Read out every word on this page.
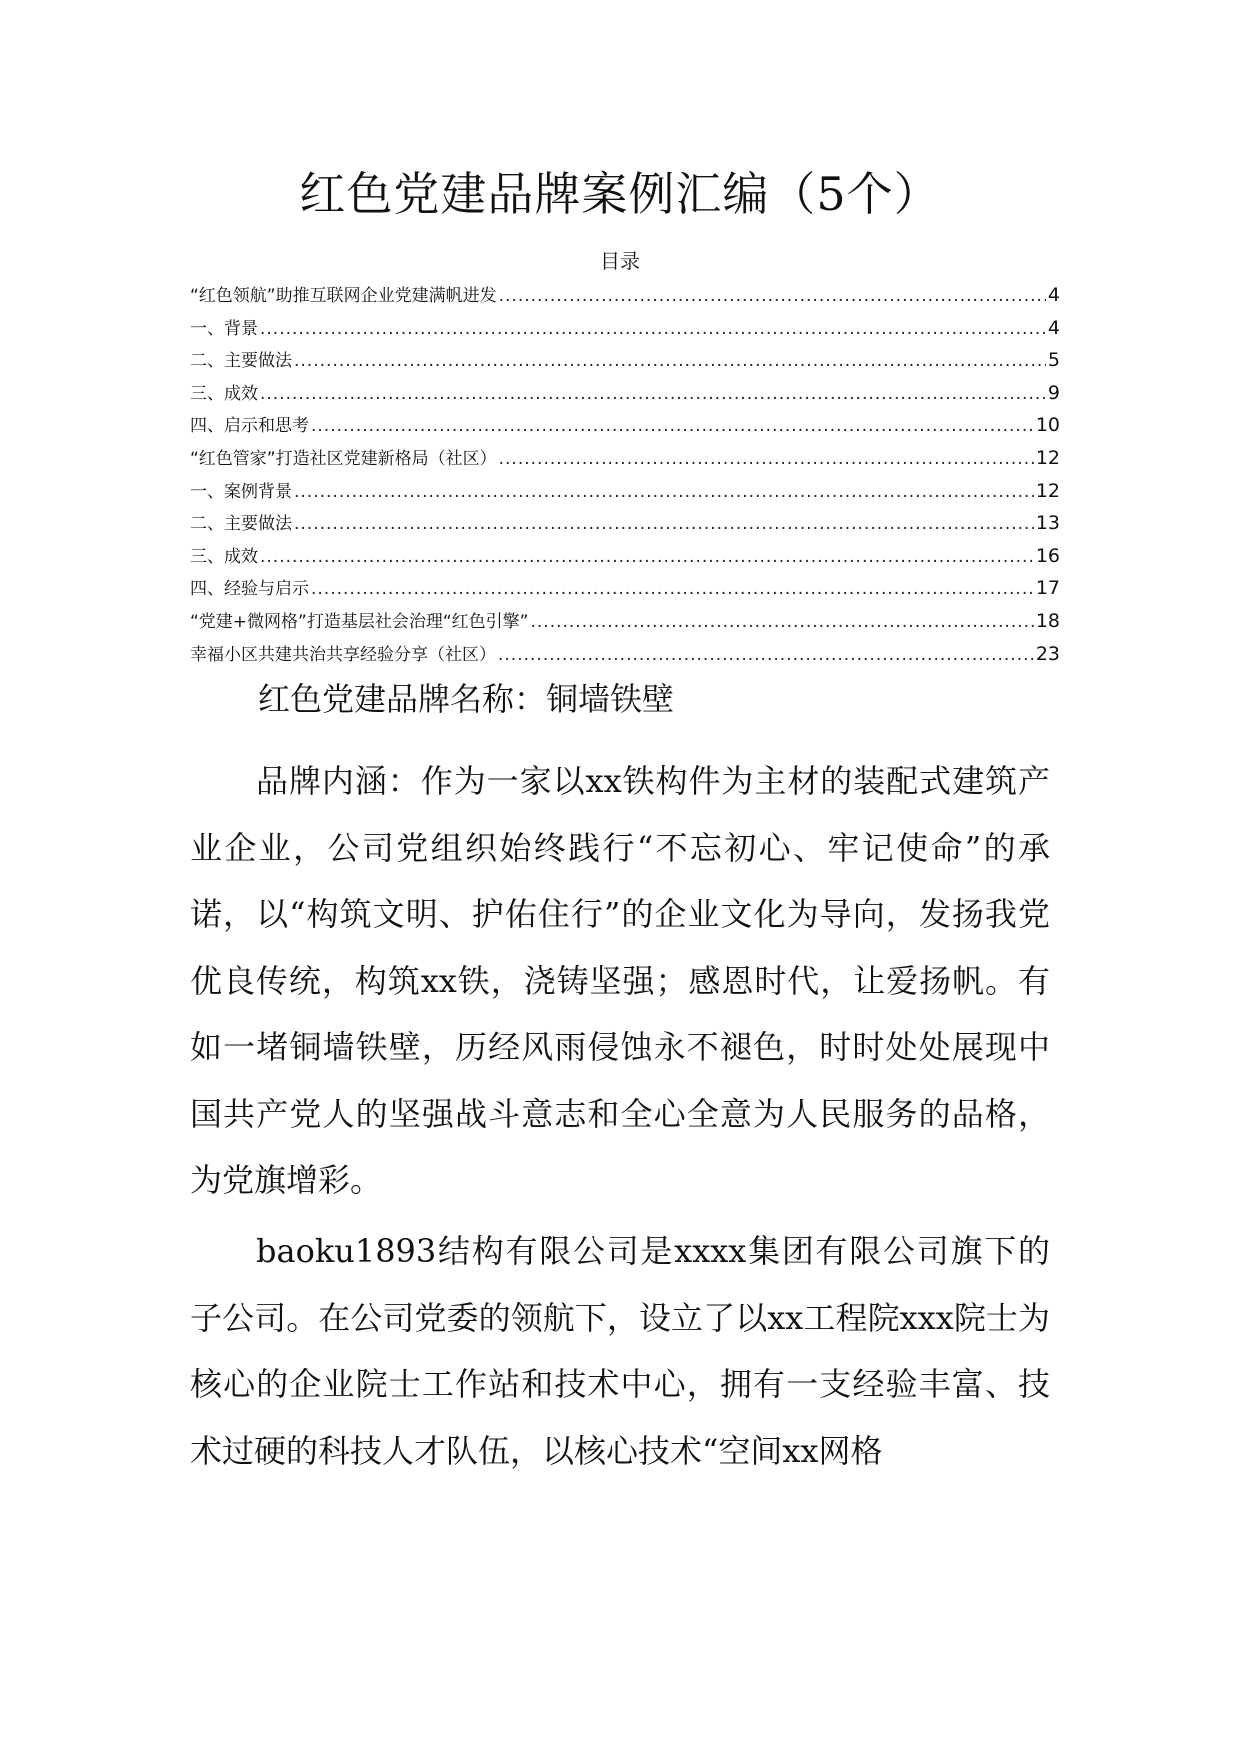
红色党建品牌案例汇编（5个）
目录
“红色领航”助推互联网企业党建满帆进发 .....	4
一、背景 .....	4
二、主要做法 .....	5
三、成效 .....	9
四、启示和思考 .....	10
“红色管家”打造社区党建新格局（社区） .....	12
一、案例背景 .....	12
二、主要做法 .....	13
三、成效 .....	16
四、经验与启示 .....	17
“党建+微网格”打造基层社会治理“红色引擎” .....	18
幸福小区共建共治共享经验分享（社区） .....	23
红色党建品牌名称：铜墙铁壁

品牌内涵：作为一家以xx铁构件为主材的装配式建筑产业企业，公司党组织始终践行“不忘初心、牢记使命”的承诺，以“构筑文明、护佑住行”的企业文化为导向，发扬我党优良传统，构筑xx铁，浇铸坚强；感恩时代，让爱扬帆。有如一堵铜墙铁壁，历经风雨侵蚀永不褪色，时时处处展现中国共产党人的坚强战斗意志和全心全意为人民服务的品格，为党旗增彩。

baoku1893结构有限公司是xxxx集团有限公司旗下的子公司。在公司党委的领航下，设立了以xx工程院xxx院士为核心的企业院士工作站和技术中心，拥有一支经验丰富、技术过硬的科技人才队伍，以核心技术“空间xx网格
